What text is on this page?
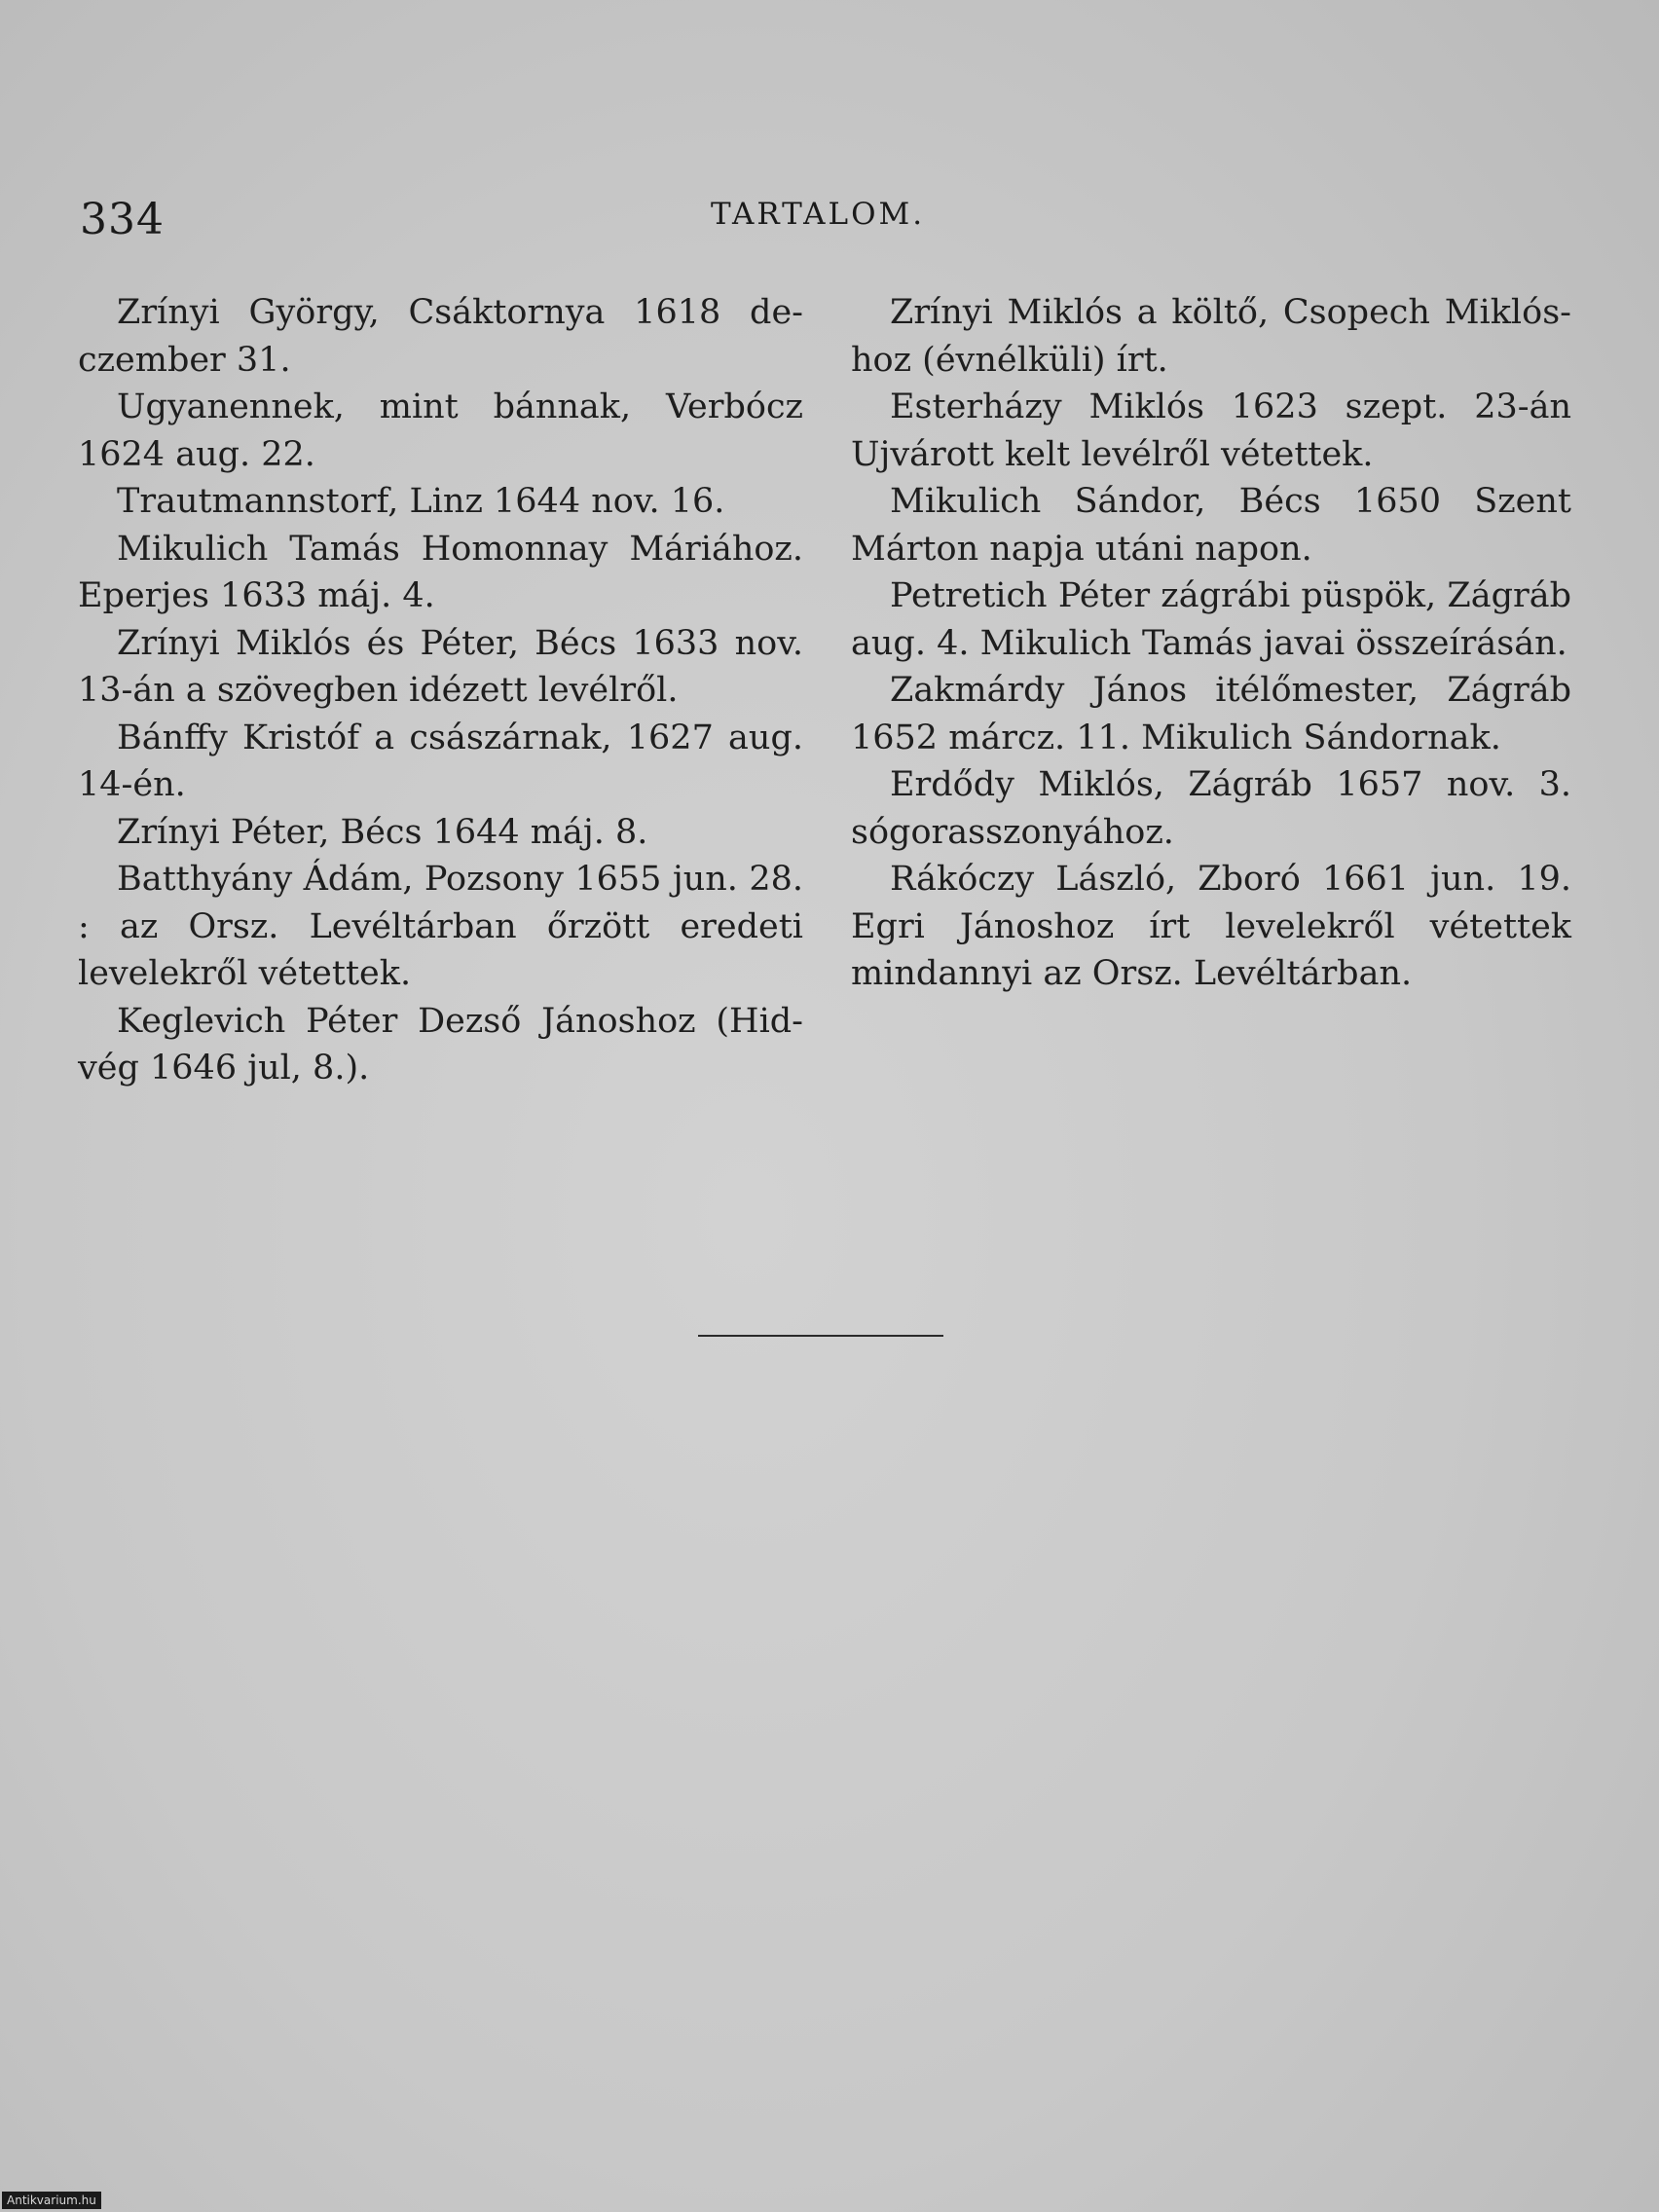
334	TARTALOM.
Zrínyi György, Csáktornya 1618 deczember 31.
Ugyanennek, mint bánnak, Verbócz 1624 aug. 22.
Trautmannstorf, Linz 1644 nov. 16.
Mikulich Tamás Homonnay Máriához. Eperjes 1633 máj. 4.
Zrínyi Miklós és Péter, Bécs 1633 nov. 13-án a szövegben idézett levélről.
Bánffy Kristóf a császárnak, 1627 aug. 14-én.
Zrínyi Péter, Bécs 1644 máj. 8.
Batthyány Ádám, Pozsony 1655 jun. 28. : az Orsz. Levéltárban őrzött eredeti levelekről vétettek.
Keglevich Péter Dezső Jánoshoz (Hidvég 1646 jul, 8.).
Zrínyi Miklós a költő, Csopech Miklóshoz (évnélküli) írt.
Esterházy Miklós 1623 szept. 23-án Ujvárott kelt levélről vétettek.
Mikulich Sándor, Bécs 1650 Szent Márton napja utáni napon.
Petretich Péter zágrábi püspök, Zágráb aug. 4. Mikulich Tamás javai összeírásán.
Zakmárdy János itélőmester, Zágráb 1652 márcz. 11. Mikulich Sándornak.
Erdődy Miklós, Zágráb 1657 nov. 3. sógorasszonyához.
Rákóczy László, Zboró 1661 jun. 19. Egri Jánoshoz írt levelekről vétettek mindannyi az Orsz. Levéltárban.
Antikvarium.hu
